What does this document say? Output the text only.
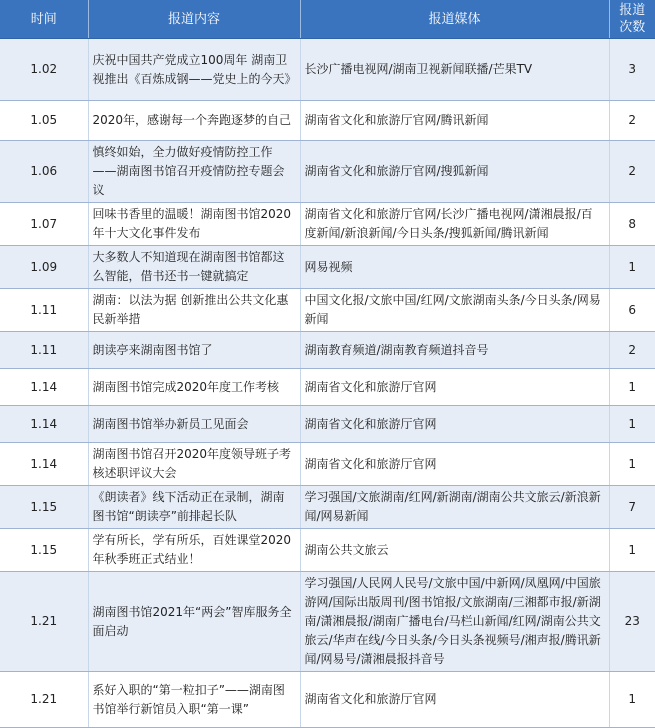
时间	报道内容	报道媒体	报道
次数
1.02	庆祝中国共产党成立100周年 湖南卫视推出《百炼成钢——党史上的今天》	长沙广播电视网/湖南卫视新闻联播/芒果TV	3
1.05	2020年，感谢每一个奔跑逐梦的自己	湖南省文化和旅游厅官网/腾讯新闻	2
1.06	慎终如始，全力做好疫情防控工作——湖南图书馆召开疫情防控专题会议	湖南省文化和旅游厅官网/搜狐新闻	2
1.07	回味书香里的温暖！湖南图书馆2020年十大文化事件发布	湖南省文化和旅游厅官网/长沙广播电视网/潇湘晨报/百度新闻/新浪新闻/今日头条/搜狐新闻/腾讯新闻	8
1.09	大多数人不知道现在湖南图书馆都这么智能，借书还书一键就搞定	网易视频	1
1.11	湖南：以法为据 创新推出公共文化惠民新举措	中国文化报/文旅中国/红网/文旅湖南头条/今日头条/网易新闻	6
1.11	朗读亭来湖南图书馆了	湖南教育频道/湖南教育频道抖音号	2
1.14	湖南图书馆完成2020年度工作考核	湖南省文化和旅游厅官网	1
1.14	湖南图书馆举办新员工见面会	湖南省文化和旅游厅官网	1
1.14	湖南图书馆召开2020年度领导班子考核述职评议大会	湖南省文化和旅游厅官网	1
1.15	《朗读者》线下活动正在录制，湖南图书馆“朗读亭”前排起长队	学习强国/文旅湖南/红网/新湖南/湖南公共文旅云/新浪新闻/网易新闻	7
1.15	学有所长，学有所乐，百姓课堂2020年秋季班正式结业！	湖南公共文旅云	1
1.21	湖南图书馆2021年“两会”智库服务全面启动	学习强国/人民网人民号/文旅中国/中新网/凤凰网/中国旅游网/国际出版周刊/图书馆报/文旅湖南/三湘都市报/新湖南/潇湘晨报/湖南广播电台/马栏山新闻/红网/湖南公共文旅云/华声在线/今日头条/今日头条视频号/湘声报/腾讯新闻/网易号/潇湘晨报抖音号	23
1.21	系好入职的“第一粒扣子”——湖南图书馆举行新馆员入职“第一课”	湖南省文化和旅游厅官网	1
